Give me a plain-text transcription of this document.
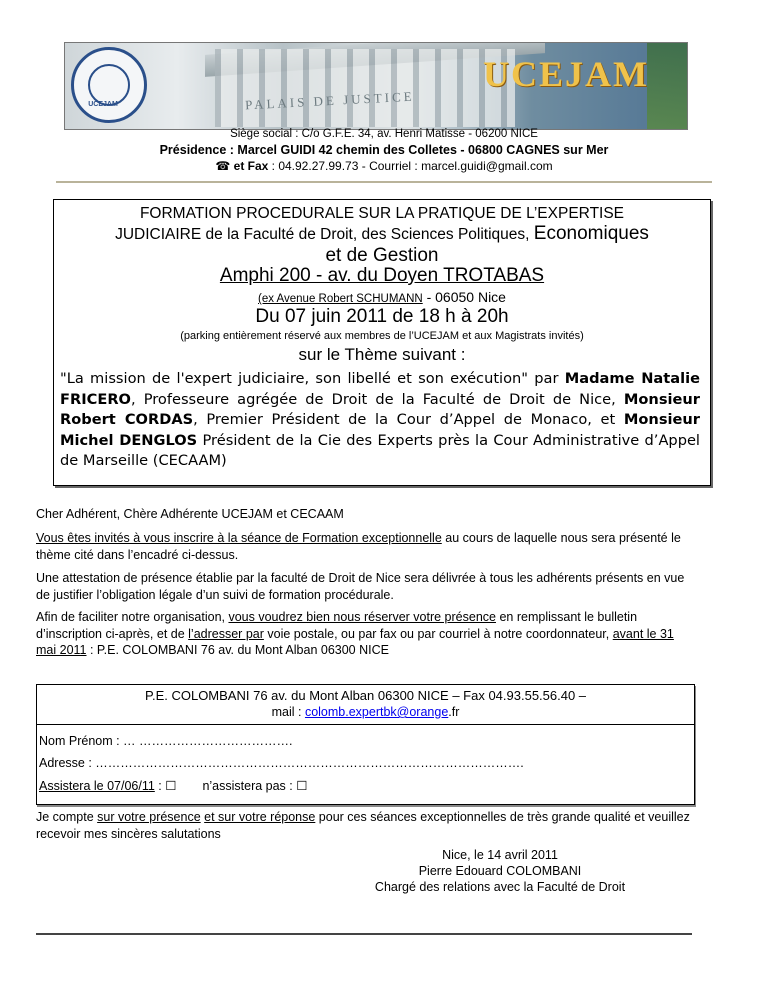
PALAIS DE JUSTICE
UCEJAM
UCEJAM
Siège social : C/o G.F.E. 34, av. Henri Matisse - 06200 NICE
Présidence : Marcel GUIDI 42 chemin des Colletes - 06800 CAGNES sur Mer
☎ et Fax : 04.92.27.99.73 - Courriel : marcel.guidi@gmail.com
FORMATION PROCEDURALE SUR LA PRATIQUE DE L’EXPERTISE
JUDICIAIRE de la Faculté de Droit, des Sciences Politiques, Economiques
et de Gestion
Amphi 200 - av. du Doyen TROTABAS
(ex Avenue Robert SCHUMANN - 06050 Nice
Du 07 juin 2011 de 18 h à 20h
(parking entièrement réservé aux membres de l’UCEJAM et aux Magistrats invités)
sur le Thème suivant :
"La mission de l'expert judiciaire, son libellé et son exécution" par Madame Natalie FRICERO, Professeure agrégée de Droit de la Faculté de Droit de Nice, Monsieur Robert CORDAS, Premier Président de la Cour d’Appel de Monaco, et Monsieur Michel DENGLOS Président de la Cie des Experts près la Cour Administrative d’Appel de Marseille (CECAAM)
Cher Adhérent, Chère Adhérente UCEJAM et CECAAM
Vous êtes invités à vous inscrire à la séance de Formation exceptionnelle au cours de laquelle nous sera présenté le thème cité dans l’encadré ci-dessus.
Une attestation de présence établie par la faculté de Droit de Nice sera délivrée à tous les adhérents présents en vue de justifier l’obligation légale d’un suivi de formation procédurale.
Afin de faciliter notre organisation, vous voudrez bien nous réserver votre présence en remplissant le bulletin d’inscription ci-après, et de l’adresser par voie postale, ou par fax ou par courriel à notre coordonnateur, avant le 31 mai 2011 : P.E. COLOMBANI 76 av. du Mont Alban 06300 NICE
P.E. COLOMBANI 76 av. du Mont Alban 06300 NICE – Fax 04.93.55.56.40 –
mail : colomb.expertbk@orange.fr
Nom Prénom : … ……………………………….
Adresse : ………………………………………………………………………………………….
Assistera le 07/06/11 : ☐ n’assistera pas : ☐
Je compte sur votre présence et sur votre réponse pour ces séances exceptionnelles de très grande qualité et veuillez recevoir mes sincères salutations
Nice, le 14 avril 2011
Pierre Edouard COLOMBANI
Chargé des relations avec la Faculté de Droit
